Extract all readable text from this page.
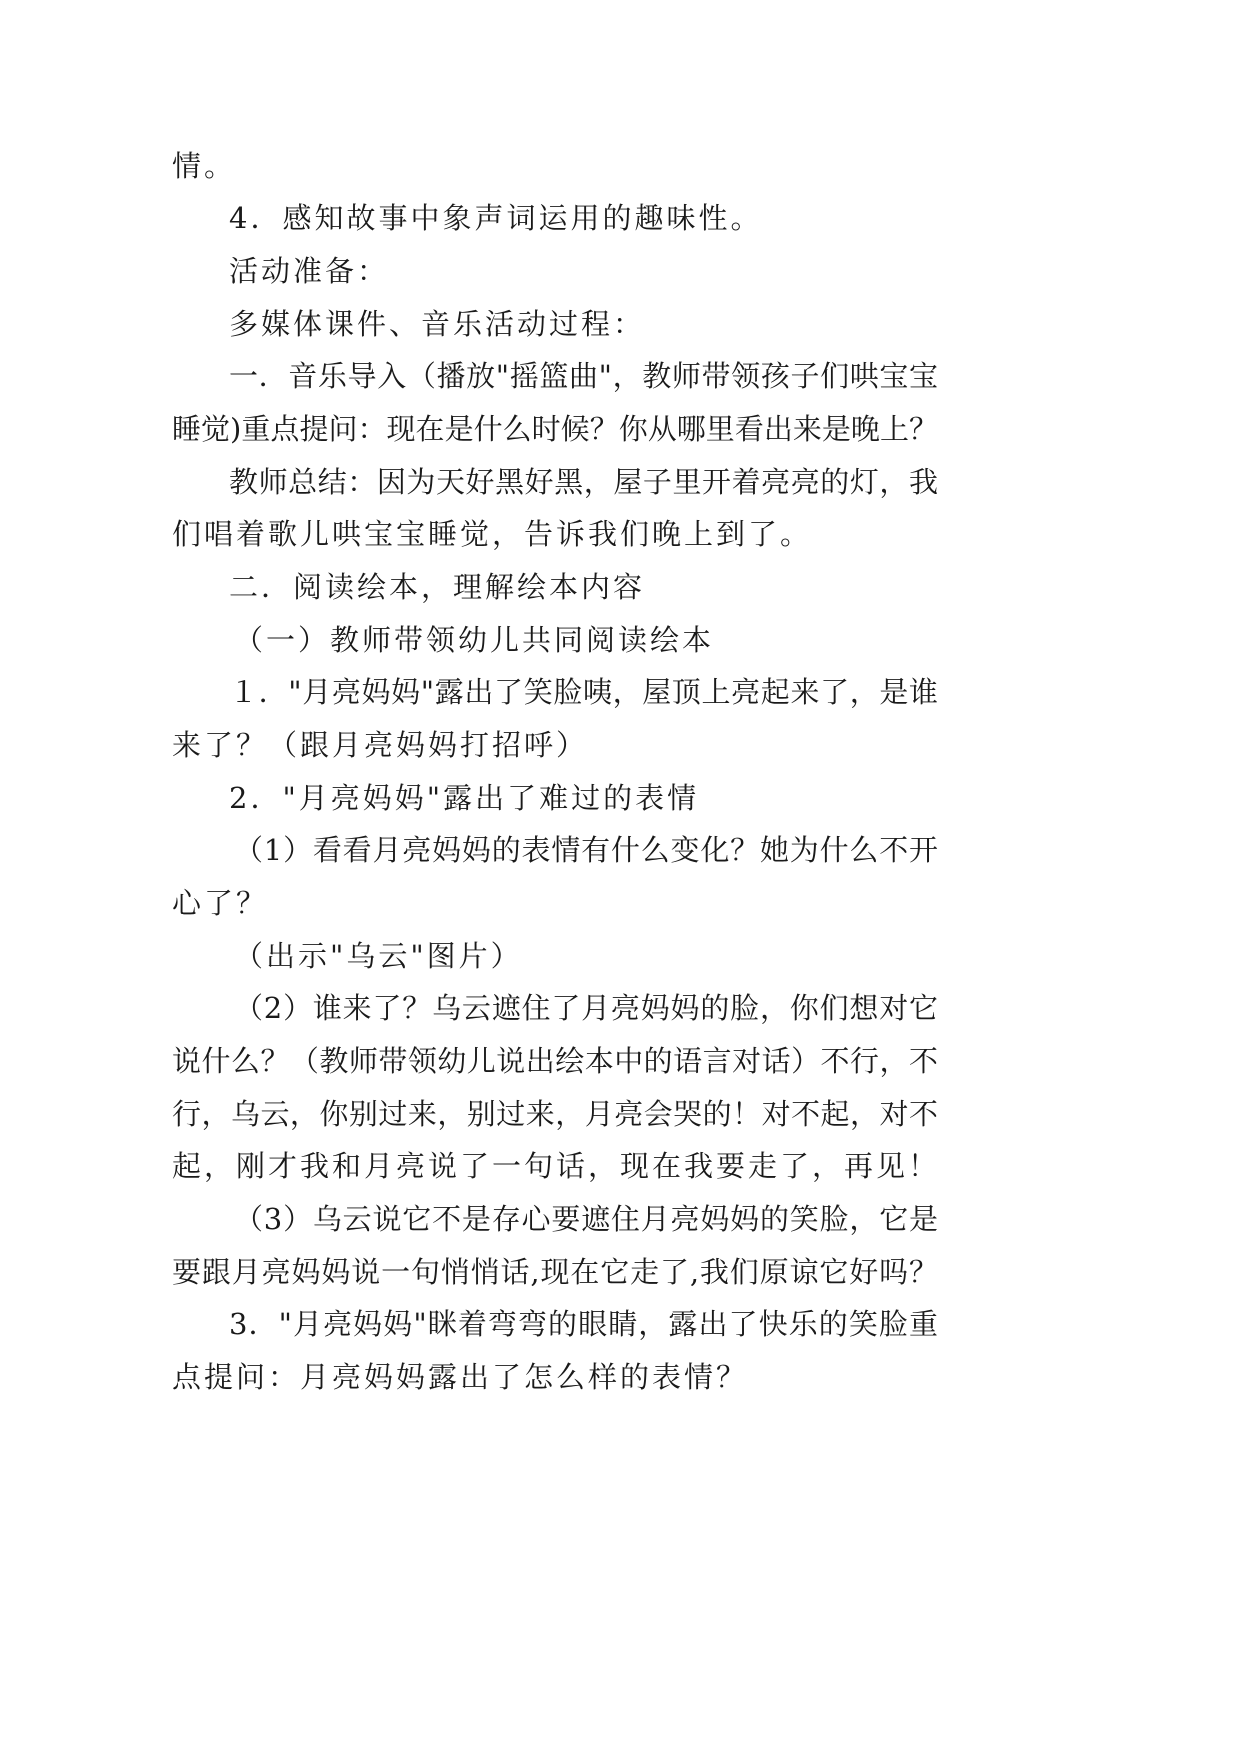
情。
4．感知故事中象声词运用的趣味性。
活动准备：
多媒体课件、音乐活动过程：
一．音乐导入（播放"摇篮曲"，教师带领孩子们哄宝宝
睡觉)重点提问：现在是什么时候？你从哪里看出来是晚上？
教师总结：因为天好黑好黑，屋子里开着亮亮的灯，我
们唱着歌儿哄宝宝睡觉，告诉我们晚上到了。
二．阅读绘本，理解绘本内容
（一）教师带领幼儿共同阅读绘本
１．"月亮妈妈"露出了笑脸咦，屋顶上亮起来了，是谁
来了？（跟月亮妈妈打招呼）
2．"月亮妈妈"露出了难过的表情
（1）看看月亮妈妈的表情有什么变化？她为什么不开
心了？
（出示"乌云"图片）
（2）谁来了？乌云遮住了月亮妈妈的脸，你们想对它
说什么？（教师带领幼儿说出绘本中的语言对话）不行，不
行，乌云，你别过来，别过来，月亮会哭的！对不起，对不
起，刚才我和月亮说了一句话，现在我要走了，再见！
（3）乌云说它不是存心要遮住月亮妈妈的笑脸，它是
要跟月亮妈妈说一句悄悄话,现在它走了,我们原谅它好吗？
3．"月亮妈妈"眯着弯弯的眼睛，露出了快乐的笑脸重
点提问：月亮妈妈露出了怎么样的表情？
